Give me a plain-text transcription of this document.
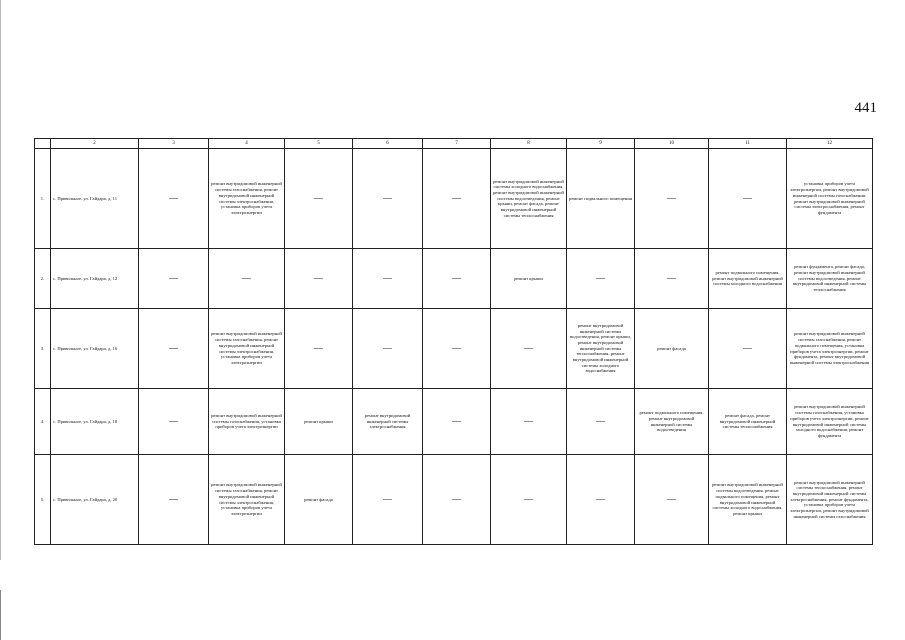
441
	2	3	4	5	6	7	8	9	10	11	12
1.	с. Привольное, ул. Гайдара, д. 11	—	ремонт внутридомовой инженерной системы газоснабжения, ремонт внутридомовой инженерной системы электроснабжения, установка приборов учета электроэнергии	—	—	—	ремонт внутридомовой инженерной системы холодного водоснабжения, ремонт внутридомовой инженерной системы водоотведения, ремонт крыши, ремонт фасада, ремонт внутридомовой инженерной системы теплоснабжения	ремонт подвального помещения	—	—	установка приборов учета электроэнергии, ремонт внутридомовой инженерной системы газоснабжения, ремонт внутридомовой инженерной системы электроснабжения, ремонт фундамента
2.	с. Привольное, ул. Гайдара, д. 12	—	—	—	—	—	ремонт крыши	—	—	ремонт подвального помещения, ремонт внутридомовой инженерной системы холодного водоснабжения	ремонт фундамента, ремонт фасада, ремонт внутридомовой инженерной системы водоотведения, ремонт внутридомовой инженерной системы теплоснабжения
3.	с. Привольное, ул. Гайдара, д. 16	—	ремонт внутридомовой инженерной системы газоснабжения, ремонт внутридомовой инженерной системы электроснабжения, установка приборов учета электроэнергии	—	—	—	—	ремонт внутридомовой инженерной системы водоотведения, ремонт крыши, ремонт внутридомовой инженерной системы теплоснабжения, ремонт внутридомовой инженерной системы холодного водоснабжения	ремонт фасада	—	ремонт внутридомовой инженерной системы газоснабжения, ремонт подвального помещения, установка приборов учета электроэнергии, ремонт фундамента, ремонт внутридомовой инженерной системы электроснабжения
4.	с. Привольное, ул. Гайдара, д. 18	—	ремонт внутридомовой инженерной системы газоснабжения, установка приборов учета электроэнергии	ремонт крыши	ремонт внутридомовой инженерной системы электроснабжения	—	—	—	ремонт подвального помещения, ремонт внутридомовой инженерной системы водоотведения	ремонт фасада, ремонт внутридомовой инженерной системы теплоснабжения	ремонт внутридомовой инженерной системы газоснабжения, установка приборов учета электроэнергии, ремонт внутридомовой инженерной системы холодного водоснабжения, ремонт фундамента
5.	с. Привольное, ул. Гайдара, д. 20	—	ремонт внутридомовой инженерной системы газоснабжения, ремонт внутридомовой инженерной системы электроснабжения, установка приборов учета электроэнергии	ремонт фасада	—	—	—	—	—	ремонт внутридомовой инженерной системы водоотведения, ремонт подвального помещения, ремонт внутридомовой инженерной системы холодного водоснабжения, ремонт крыши	ремонт внутридомовой инженерной системы теплоснабжения, ремонт внутридомовой инженерной системы электроснабжения, ремонт фундамента, установка приборов учета электроэнергии, ремонт внутридомовой инженерной системы газоснабжения
